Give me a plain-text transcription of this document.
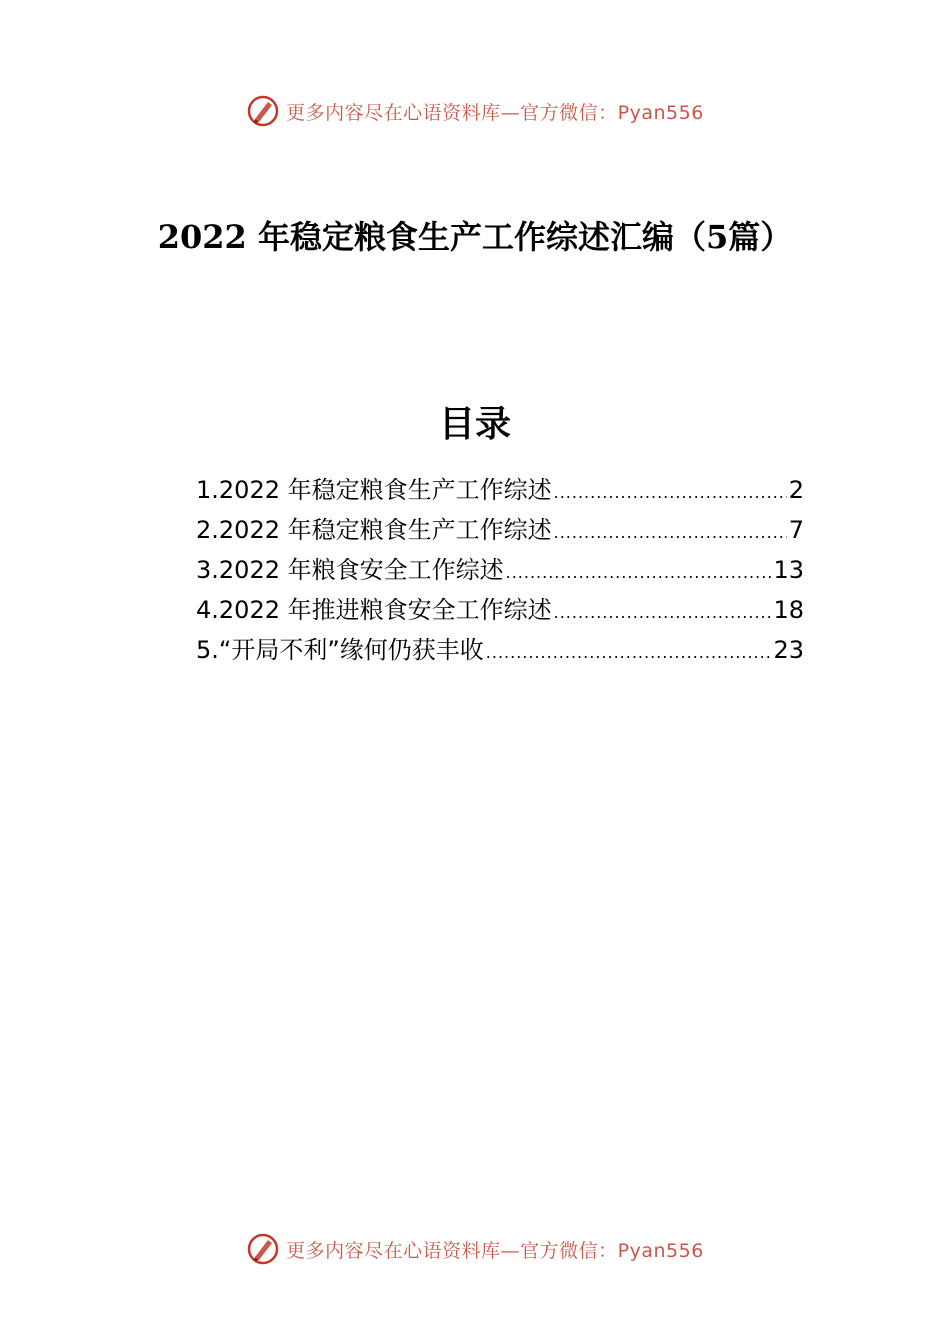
更多内容尽在心语资料库—官方微信：Pyan556
2022 年稳定粮食生产工作综述汇编（5篇）
目录
1.2022 年稳定粮食生产工作综述 .....	2
2.2022 年稳定粮食生产工作综述 .....	7
3.2022 年粮食安全工作综述 .....	13
4.2022 年推进粮食安全工作综述 .....	18
5.“开局不利”缘何仍获丰收 .....	23
更多内容尽在心语资料库—官方微信：Pyan556
